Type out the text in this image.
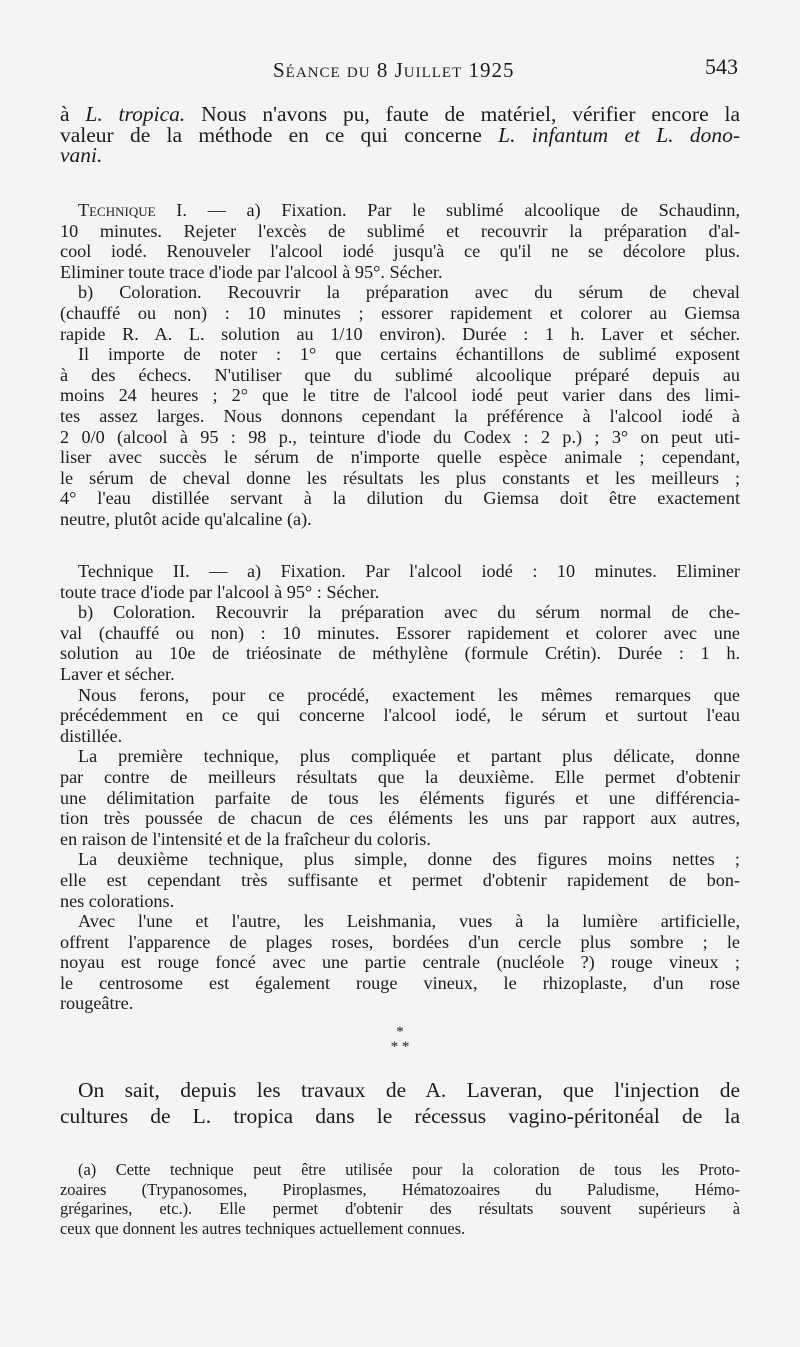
Séance du 8 Juillet 1925	543
à L. tropica. Nous n'avons pu, faute de matériel, vérifier encore la
valeur de la méthode en ce qui concerne L. infantum et L. dono-
vani.
Technique I. — a) Fixation. Par le sublimé alcoolique de Schaudinn,
10 minutes. Rejeter l'excès de sublimé et recouvrir la préparation d'al-
cool iodé. Renouveler l'alcool iodé jusqu'à ce qu'il ne se décolore plus.
Eliminer toute trace d'iode par l'alcool à 95°. Sécher.
b) Coloration. Recouvrir la préparation avec du sérum de cheval
(chauffé ou non) : 10 minutes ; essorer rapidement et colorer au Giemsa
rapide R. A. L. solution au 1/10 environ). Durée : 1 h. Laver et sécher.
Il importe de noter : 1° que certains échantillons de sublimé exposent
à des échecs. N'utiliser que du sublimé alcoolique préparé depuis au
moins 24 heures ; 2° que le titre de l'alcool iodé peut varier dans des limi-
tes assez larges. Nous donnons cependant la préférence à l'alcool iodé à
2 0/0 (alcool à 95 : 98 p., teinture d'iode du Codex : 2 p.) ; 3° on peut uti-
liser avec succès le sérum de n'importe quelle espèce animale ; cependant,
le sérum de cheval donne les résultats les plus constants et les meilleurs ;
4° l'eau distillée servant à la dilution du Giemsa doit être exactement
neutre, plutôt acide qu'alcaline (a).
Technique II. — a) Fixation. Par l'alcool iodé : 10 minutes. Eliminer
toute trace d'iode par l'alcool à 95° : Sécher.
b) Coloration. Recouvrir la préparation avec du sérum normal de che-
val (chauffé ou non) : 10 minutes. Essorer rapidement et colorer avec une
solution au 10e de triéosinate de méthylène (formule Crétin). Durée : 1 h.
Laver et sécher.
Nous ferons, pour ce procédé, exactement les mêmes remarques que
précédemment en ce qui concerne l'alcool iodé, le sérum et surtout l'eau
distillée.
La première technique, plus compliquée et partant plus délicate, donne
par contre de meilleurs résultats que la deuxième. Elle permet d'obtenir
une délimitation parfaite de tous les éléments figurés et une différencia-
tion très poussée de chacun de ces éléments les uns par rapport aux autres,
en raison de l'intensité et de la fraîcheur du coloris.
La deuxième technique, plus simple, donne des figures moins nettes ;
elle est cependant très suffisante et permet d'obtenir rapidement de bon-
nes colorations.
Avec l'une et l'autre, les Leishmania, vues à la lumière artificielle,
offrent l'apparence de plages roses, bordées d'un cercle plus sombre ; le
noyau est rouge foncé avec une partie centrale (nucléole ?) rouge vineux ;
le centrosome est également rouge vineux, le rhizoplaste, d'un rose
rougeâtre.
*
* *
On sait, depuis les travaux de A. Laveran, que l'injection de
cultures de L. tropica dans le récessus vagino-péritonéal de la
(a) Cette technique peut être utilisée pour la coloration de tous les Proto-
zoaires (Trypanosomes, Piroplasmes, Hématozoaires du Paludisme, Hémo-
grégarines, etc.). Elle permet d'obtenir des résultats souvent supérieurs à
ceux que donnent les autres techniques actuellement connues.
